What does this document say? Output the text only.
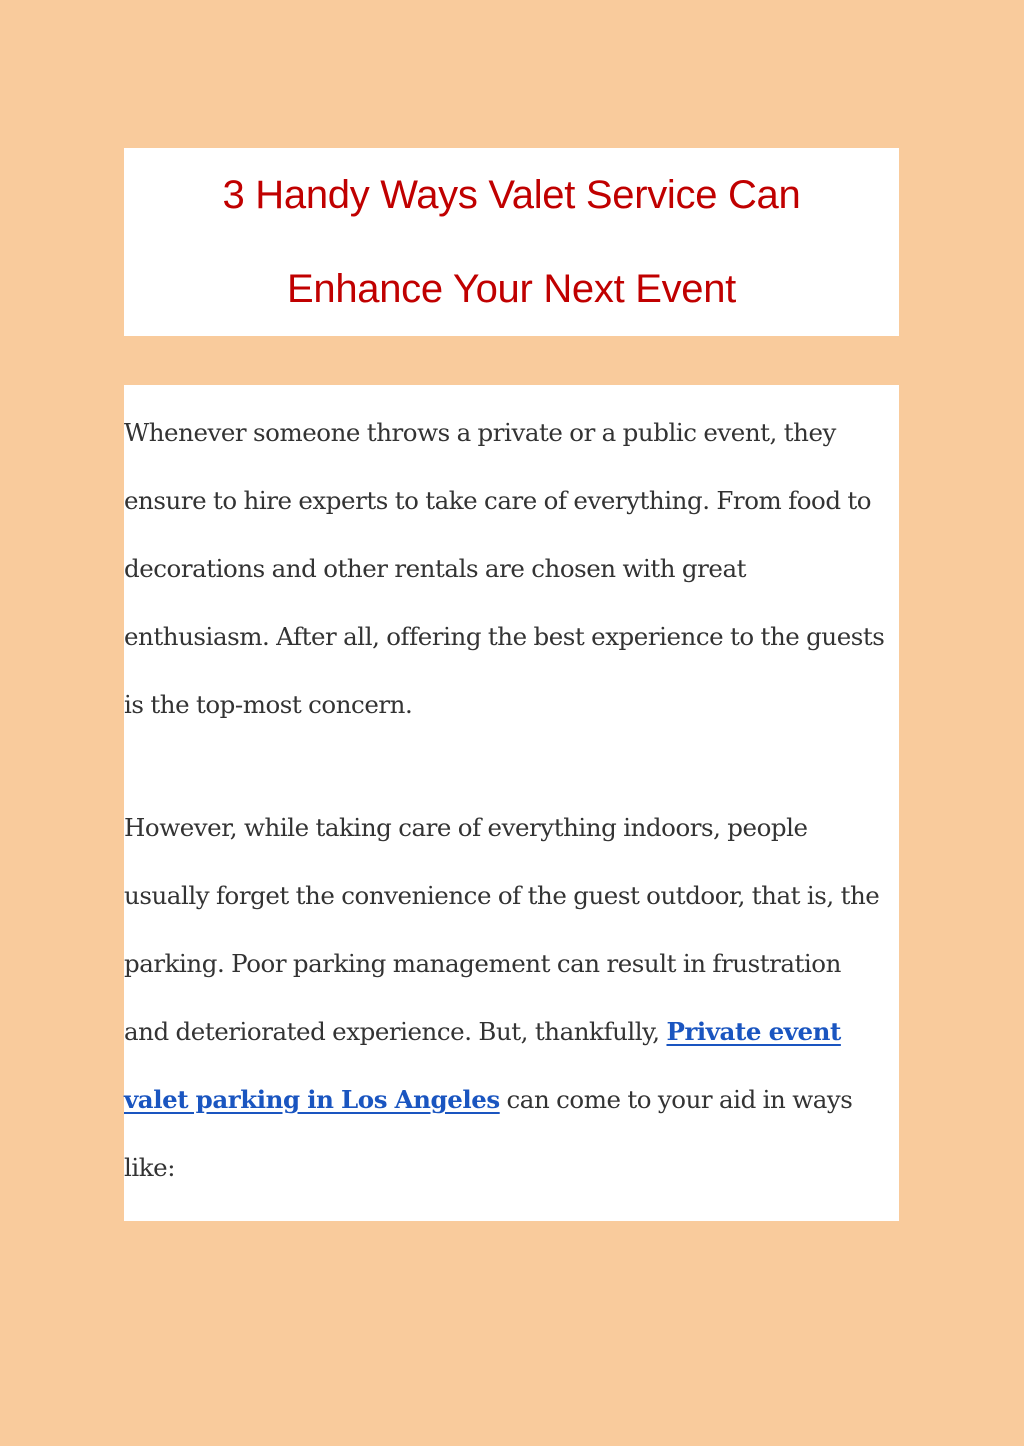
3 Handy Ways Valet Service Can
Enhance Your Next Event

Whenever someone throws a private or a public event, they
ensure to hire experts to take care of everything. From food to
decorations and other rentals are chosen with great
enthusiasm. After all, offering the best experience to the guests
is the top-most concern.

However, while taking care of everything indoors, people
usually forget the convenience of the guest outdoor, that is, the
parking. Poor parking management can result in frustration
and deteriorated experience. But, thankfully, Private event
valet parking in Los Angeles can come to your aid in ways
like:
